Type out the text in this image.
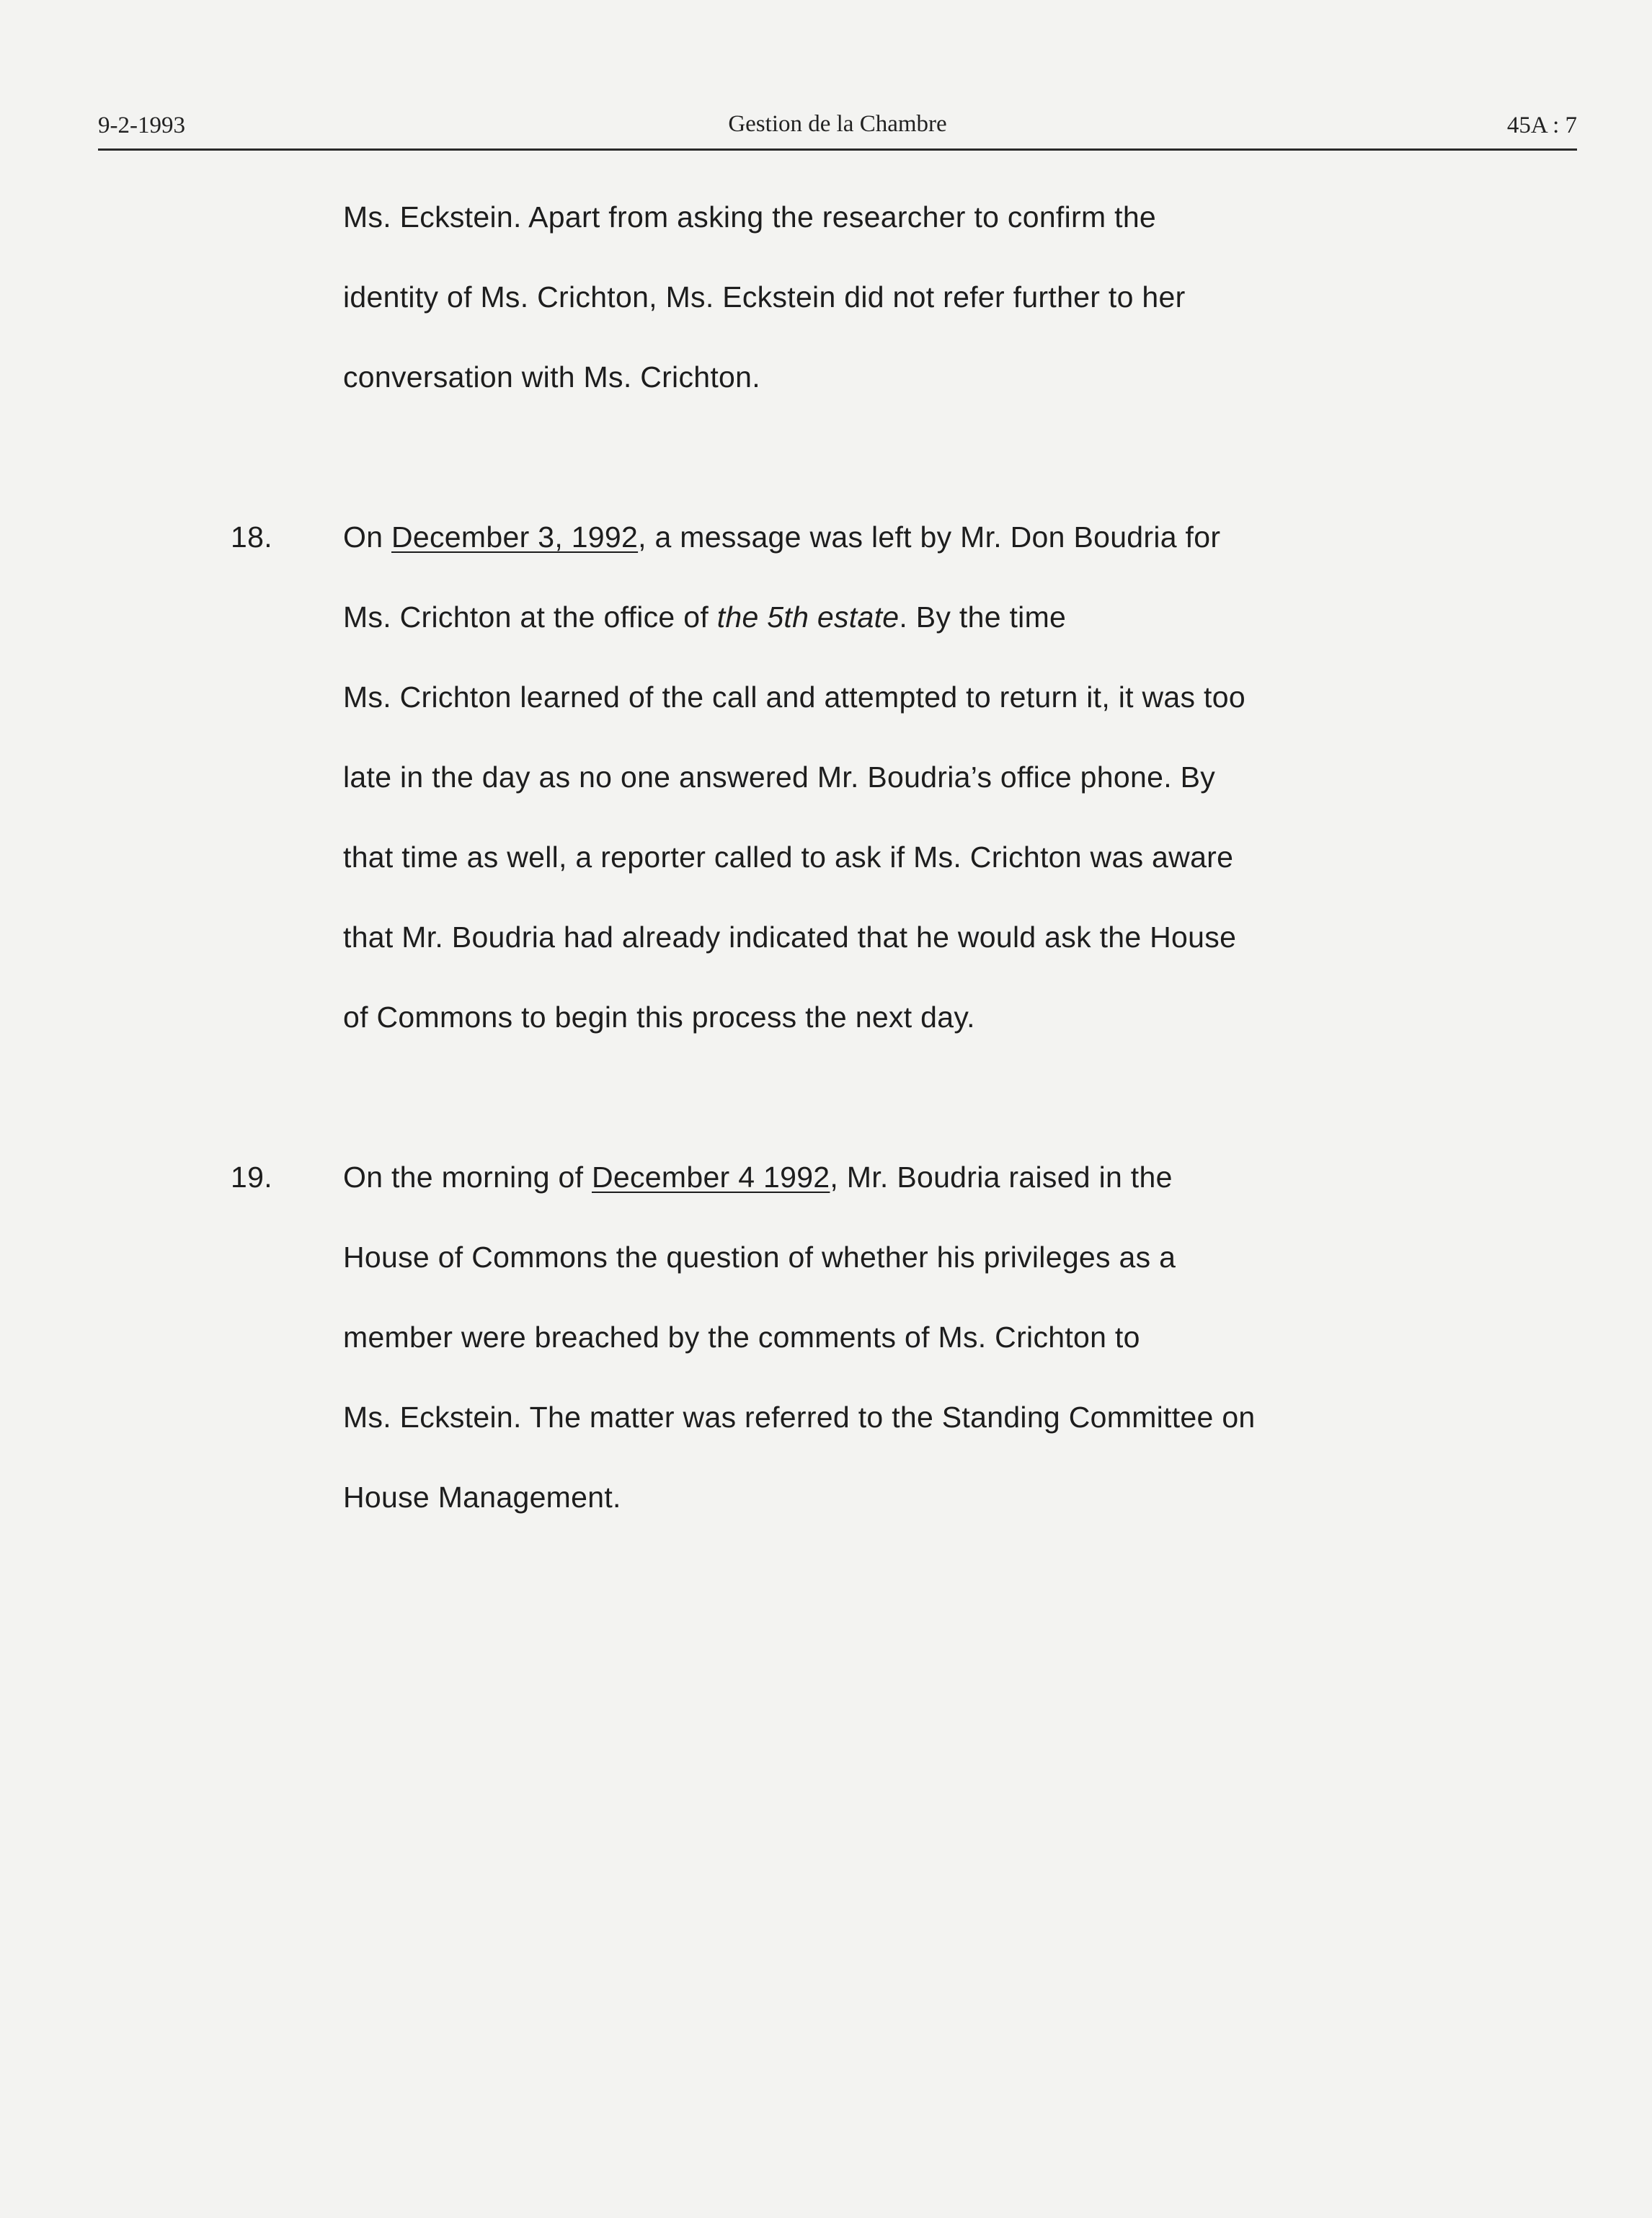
9-2-1993	Gestion de la Chambre	45A : 7
Ms. Eckstein. Apart from asking the researcher to confirm the
identity of Ms. Crichton, Ms. Eckstein did not refer further to her
conversation with Ms. Crichton.
18. On December 3, 1992, a message was left by Mr. Don Boudria for
Ms. Crichton at the office of the 5th estate. By the time
Ms. Crichton learned of the call and attempted to return it, it was too
late in the day as no one answered Mr. Boudria’s office phone. By
that time as well, a reporter called to ask if Ms. Crichton was aware
that Mr. Boudria had already indicated that he would ask the House
of Commons to begin this process the next day.
19. On the morning of December 4 1992, Mr. Boudria raised in the
House of Commons the question of whether his privileges as a
member were breached by the comments of Ms. Crichton to
Ms. Eckstein. The matter was referred to the Standing Committee on
House Management.
